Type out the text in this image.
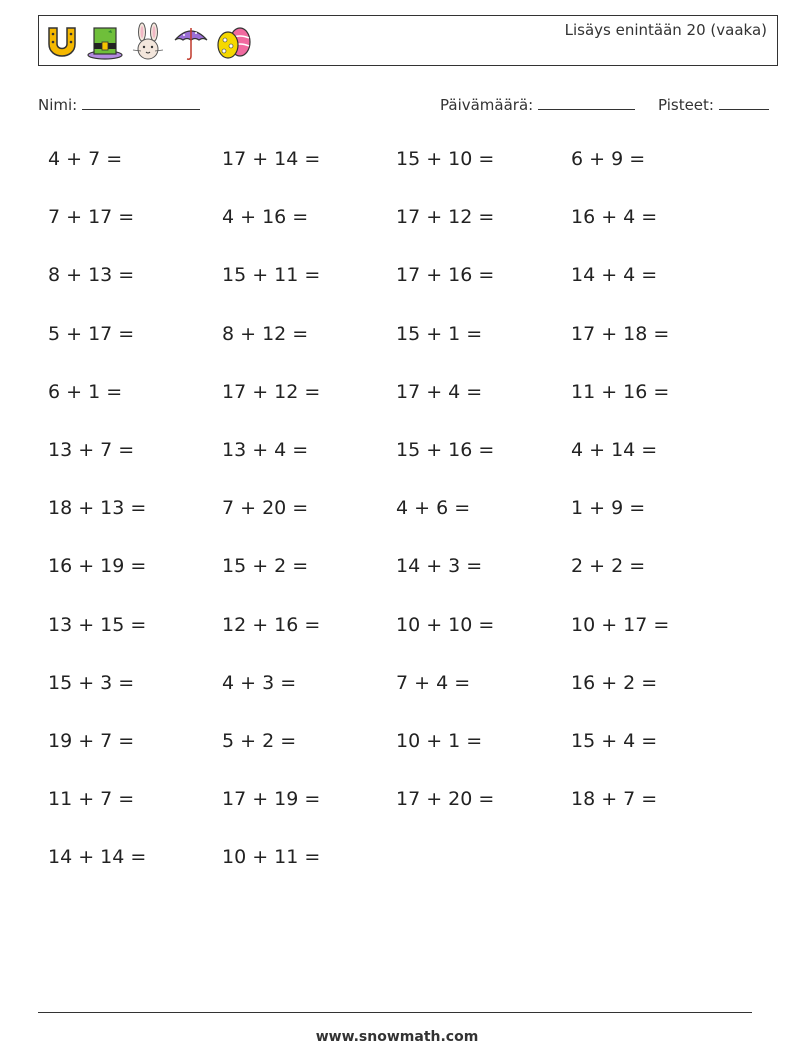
Lisäys enintään 20 (vaaka)
Nimi:	Päivämäärä:	Pisteet:
4 + 7 =	17 + 14 =	15 + 10 =	6 + 9 =
7 + 17 =	4 + 16 =	17 + 12 =	16 + 4 =
8 + 13 =	15 + 11 =	17 + 16 =	14 + 4 =
5 + 17 =	8 + 12 =	15 + 1 =	17 + 18 =
6 + 1 =	17 + 12 =	17 + 4 =	11 + 16 =
13 + 7 =	13 + 4 =	15 + 16 =	4 + 14 =
18 + 13 =	7 + 20 =	4 + 6 =	1 + 9 =
16 + 19 =	15 + 2 =	14 + 3 =	2 + 2 =
13 + 15 =	12 + 16 =	10 + 10 =	10 + 17 =
15 + 3 =	4 + 3 =	7 + 4 =	16 + 2 =
19 + 7 =	5 + 2 =	10 + 1 =	15 + 4 =
11 + 7 =	17 + 19 =	17 + 20 =	18 + 7 =
14 + 14 =	10 + 11 =
www.snowmath.com
